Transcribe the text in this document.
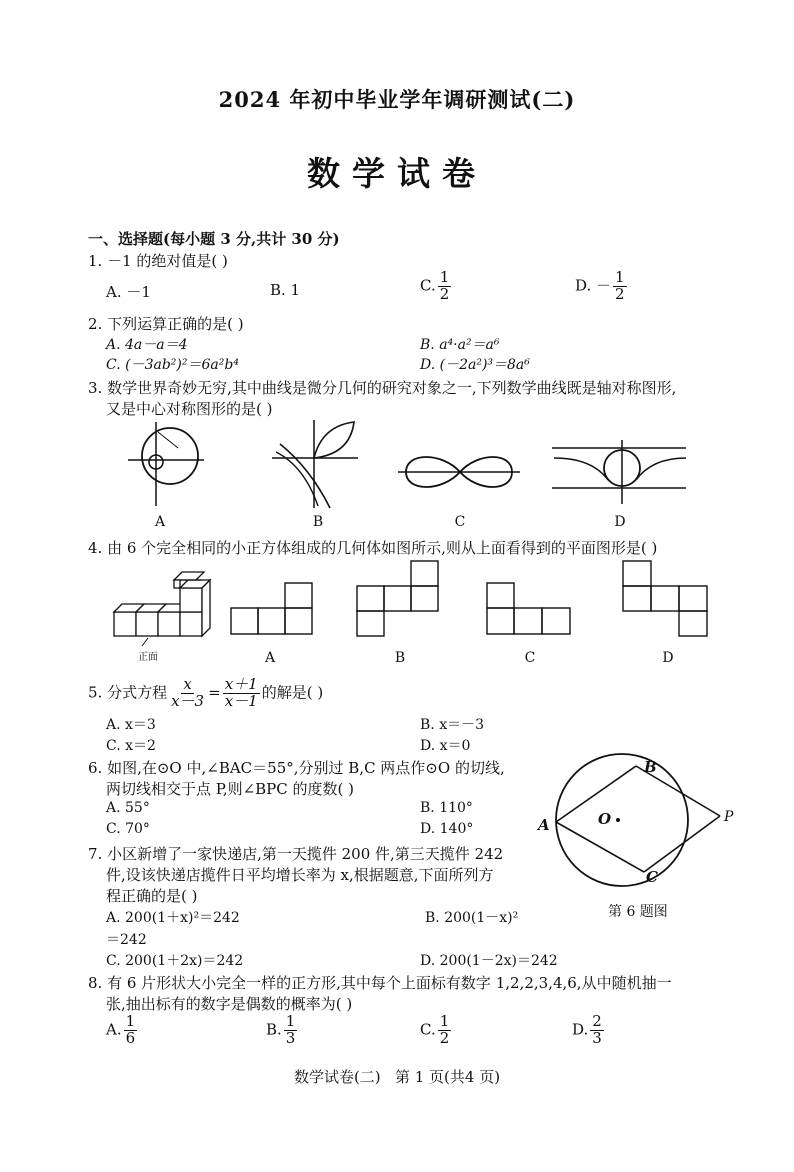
2024 年初中毕业学年调研测试(二)
数学试卷
一、选择题(每小题 3 分,共计 30 分)
1. －1 的绝对值是( )
A. －1	B. 1	C. $\frac{1}{2}$	D. － $\frac{1}{2}$
2. 下列运算正确的是( )
A. 4a－a＝4	B. a⁴·a²＝a⁶
C. (－3ab²)²＝6a²b⁴	D. (－2a²)³＝8a⁶
3. 数学世界奇妙无穷,其中曲线是微分几何的研究对象之一,下列数学曲线既是轴对称图形,
又是中心对称图形的是( )
A	B	C	D
4. 由 6 个完全相同的小正方体组成的几何体如图所示,则从上面看得到的平面图形是( )
正面	A	B	C	D
5. 分式方程 $\frac{x}{x-3} = \frac{x+1}{x-1}$ 的解是( )
A. x＝3	B. x＝－3
C. x＝2	D. x＝0
6. 如图,在⊙O 中,∠BAC＝55°,分别过 B,C 两点作⊙O 的切线,
两切线相交于点 P,则∠BPC 的度数( )
A. 55°	B. 110°
C. 70°	D. 140°	A
B
C
O	P
第 6 题图
7. 小区新增了一家快递店,第一天揽件 200 件,第三天揽件 242
件,设该快递店揽件日平均增长率为 x,根据题意,下面所列方
程正确的是( )
A. 200(1＋x)²＝242	B. 200(1－x)²
＝242
C. 200(1＋2x)＝242	D. 200(1－2x)＝242
8. 有 6 片形状大小完全一样的正方形,其中每个上面标有数字 1,2,2,3,4,6,从中随机抽一
张,抽出标有的数字是偶数的概率为( )
A. $\frac{1}{6}$	B. $\frac{1}{3}$	C. $\frac{1}{2}$	D. $\frac{2}{3}$
数学试卷(二)   第 1 页(共4 页)
